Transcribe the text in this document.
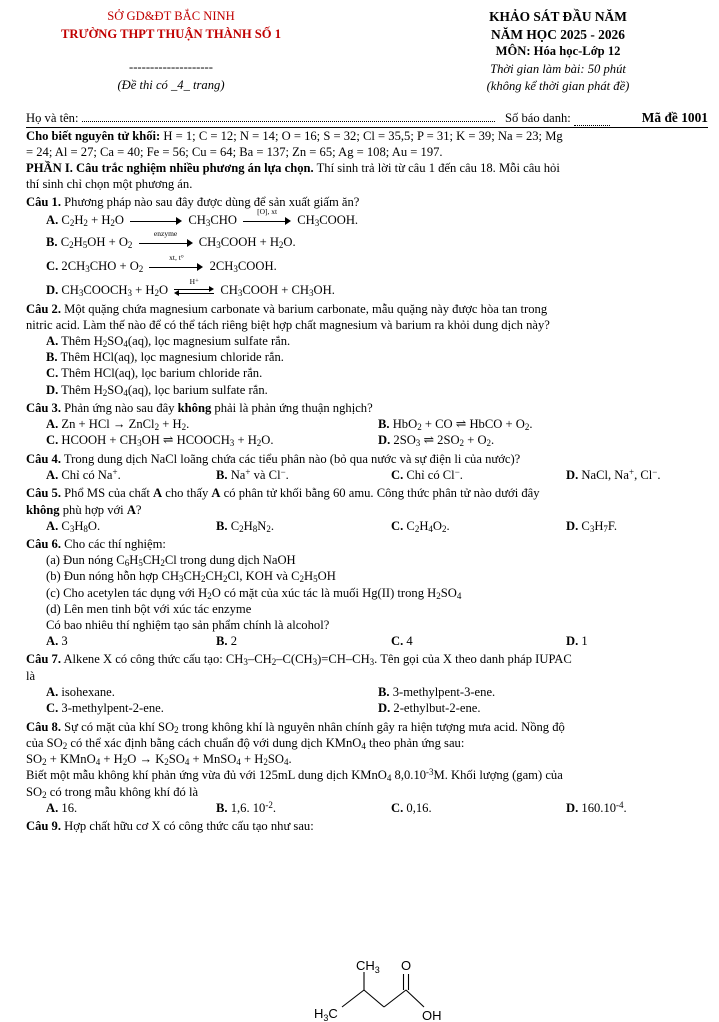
SỞ GD&ĐT BẮC NINH
TRƯỜNG THPT THUẬN THÀNH SỐ 1
--------------------
(Đề thi có _4_ trang)
KHẢO SÁT ĐẦU NĂM
NĂM HỌC 2025 - 2026
MÔN: Hóa học-Lớp 12
Thời gian làm bài: 50 phút
(không kể thời gian phát đề)
Họ và tên:	Số báo danh:	Mã đề 1001
Cho biết nguyên tử khối: H = 1; C = 12; N = 14; O = 16; S = 32; Cl = 35,5; P = 31; K = 39; Na = 23; Mg
= 24; Al = 27; Ca = 40; Fe = 56; Cu = 64; Ba = 137; Zn = 65; Ag = 108; Au = 197.
PHẦN I. Câu trắc nghiệm nhiều phương án lựa chọn. Thí sinh trả lời từ câu 1 đến câu 18. Mỗi câu hỏi
thí sinh chỉ chọn một phương án.
Câu 1. Phương pháp nào sau đây được dùng để sản xuất giấm ăn?
A. $C_2H_2 + H_2O$	$CH_3CHO$
[O], xt
$CH_3COOH$.
B. $C_2H_5OH + O_2$
enzyme
$CH_3COOH + H_2O$.
C. $2CH_3CHO + O_2$
xt, t°
$2CH_3COOH$.
D. $CH_3COOCH_3 + H_2O$
H⁺
$CH_3COOH + CH_3OH$.
Câu 2. Một quặng chứa magnesium carbonate và barium carbonate, mẫu quặng này được hòa tan trong
nitric acid. Làm thế nào để có thể tách riêng biệt hợp chất magnesium và barium ra khỏi dung dịch này?
A. Thêm $H_2SO_4(aq)$, lọc magnesium sulfate rắn.
B. Thêm HCl(aq), lọc magnesium chloride rắn.
C. Thêm HCl(aq), lọc barium chloride rắn.
D. Thêm $H_2SO_4(aq)$, lọc barium sulfate rắn.
Câu 3. Phản ứng nào sau đây không phải là phản ứng thuận nghịch?
A. Zn + HCl → ZnCl$_2$ + $H_2$.	B. HbO$_2$ + CO ⇌ HbCO + $O_2$.
C. HCOOH + $CH_3OH$ ⇌ $HCOOCH_3 + H_2O$.	D. $2SO_3$ ⇌ $2SO_2 + O_2$.
Câu 4. Trong dung dịch NaCl loãng chứa các tiểu phân nào (bỏ qua nước và sự điện li của nước)?
A. Chỉ có Na+.	B. Na+ và Cl−.	C. Chỉ có Cl−.	D. NaCl, Na+, Cl−.
Câu 5. Phổ MS của chất A cho thấy A có phân tử khối bằng 60 amu. Công thức phân tử nào dưới đây
không phù hợp với A?
A. $C_3H_8O$.	B. $C_2H_8N_2$.	C. $C_2H_4O_2$.	D. $C_3H_7F$.
Câu 6. Cho các thí nghiệm:
(a) Đun nóng $C_6H_5CH_2Cl$ trong dung dịch NaOH
(b) Đun nóng hỗn hợp $CH_3CH_2CH_2Cl$, KOH và $C_2H_5OH$
(c) Cho acetylen tác dụng với $H_2O$ có mặt của xúc tác là muối Hg(II) trong $H_2SO_4$
(d) Lên men tinh bột với xúc tác enzyme
Có bao nhiêu thí nghiệm tạo sản phẩm chính là alcohol?
A. 3	B. 2	C. 4	D. 1
Câu 7. Alkene X có công thức cấu tạo: $CH_3-CH_2-C(CH_3)=CH-CH_3$. Tên gọi của X theo danh pháp IUPAC
là
A. isohexane.	B. 3-methylpent-3-ene.
C. 3-methylpent-2-ene.	D. 2-ethylbut-2-ene.
Câu 8. Sự có mặt của khí $SO_2$ trong không khí là nguyên nhân chính gây ra hiện tượng mưa acid. Nồng độ
của $SO_2$ có thể xác định bằng cách chuẩn độ với dung dịch KMnO$_4$ theo phản ứng sau:
$SO_2$ + KMnO$_4$ + $H_2O \to K_2SO_4$ + MnSO$_4$ + $H_2SO_4$.
Biết một mẫu không khí phản ứng vừa đủ với 125mL dung dịch KMnO$_4$ $8,0.10^{-3}M$. Khối lượng (gam) của
$SO_2$ có trong mẫu không khí đó là
A. 16.	B. 1,6. $10^{-2}$.	C. 0,16.	D. $160.10^{-4}$.
Câu 9. Hợp chất hữu cơ X có công thức cấu tạo như sau:
$CH_3$ O
$H_3C$	OH
